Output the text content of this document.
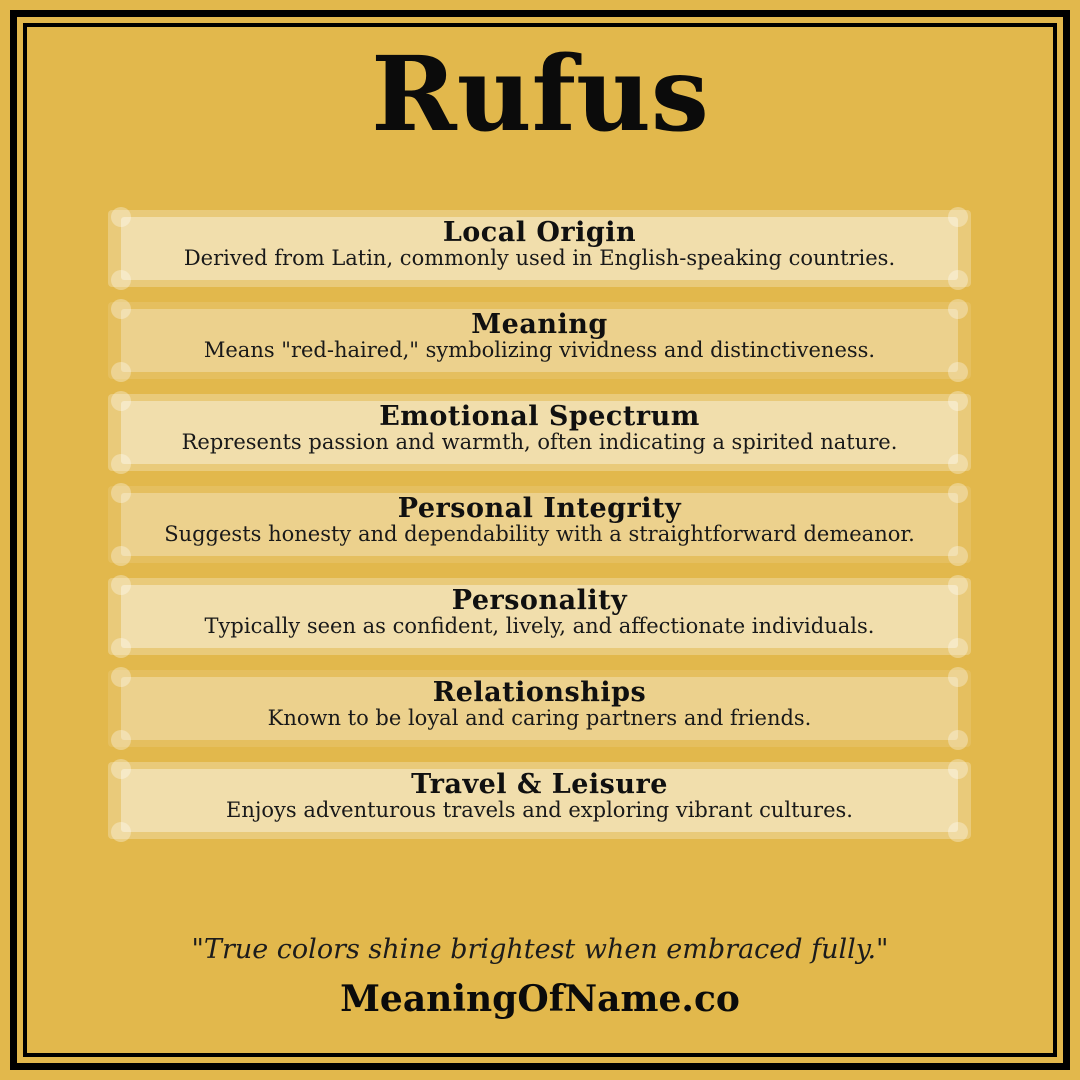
Rufus
Local Origin

Derived from Latin, commonly used in English-speaking countries.

Meaning

Means "red-haired," symbolizing vividness and distinctiveness.

Emotional Spectrum

Represents passion and warmth, often indicating a spirited nature.

Personal Integrity

Suggests honesty and dependability with a straightforward demeanor.

Personality

Typically seen as confident, lively, and affectionate individuals.

Relationships

Known to be loyal and caring partners and friends.

Travel & Leisure

Enjoys adventurous travels and exploring vibrant cultures.

"True colors shine brightest when embraced fully."

MeaningOfName.co
